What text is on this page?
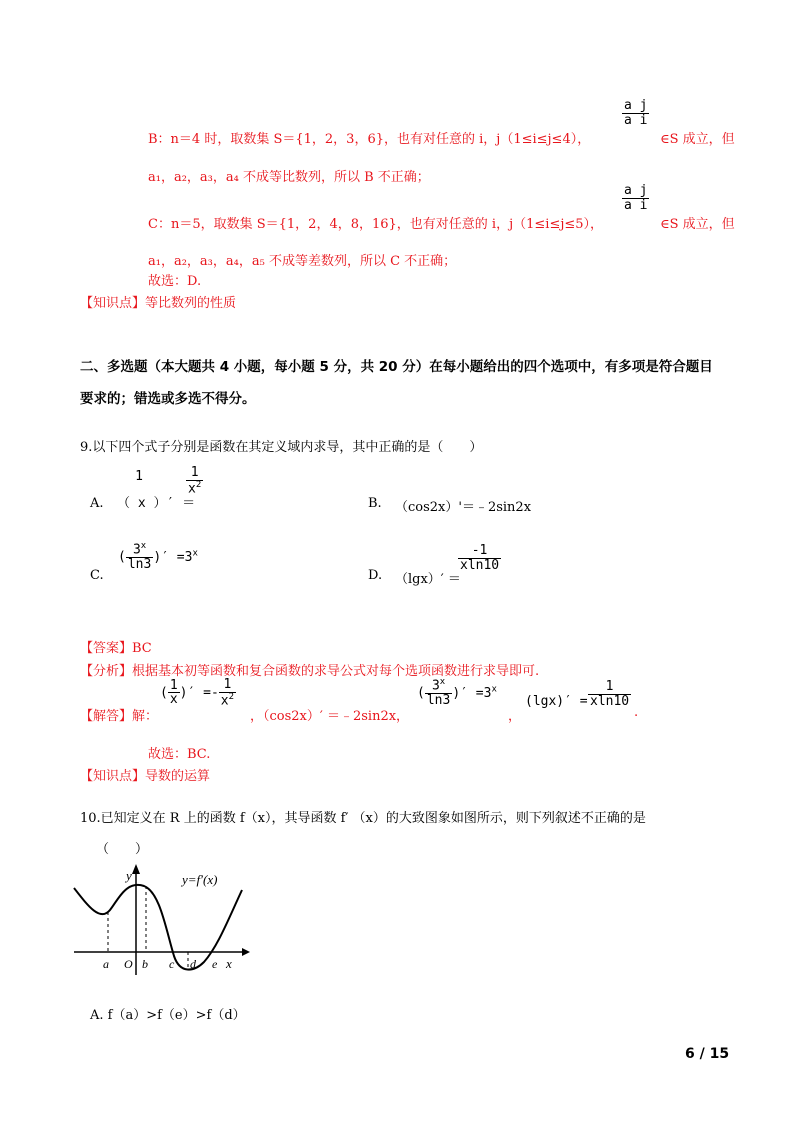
B：n＝4 时，取数集 S＝{1，2，3，6}，也有对任意的 i，j（1≤i≤j≤4），
$\frac{\text{a j}}{\text{a i}}$
∈S 成立，但
a₁，a₂，a₃，a₄ 不成等比数列，所以 B 不正确；
C：n＝5，取数集 S＝{1，2，4，8，16}，也有对任意的 i，j（1≤i≤j≤5），
$\frac{\text{a j}}{\text{a i}}$
∈S 成立，但
a₁，a₂，a₃，a₄，a₅ 不成等差数列，所以 C 不正确；
故选：D.
【知识点】等比数列的性质
二、多选题（本大题共 4 小题，每小题 5 分，共 20 分）在每小题给出的四个选项中，有多项是符合题目
要求的；错选或多选不得分。
9.以下四个式子分别是函数在其定义域内求导，其中正确的是（　　）
A.
1
（ x ）′ ＝
$\frac{1}{x^2}$
B. （cos2x）'＝﹣2sin2x
C.
( $\frac{3^x}{\ln 3}$ )′ $=3^x$
D. （lgx）′ ＝
$\frac{-1}{xln10}$
【答案】BC
【分析】根据基本初等函数和复合函数的求导公式对每个选项函数进行求导即可.
【解答】解：
( $\frac{1}{x}$ )′ =- $\frac{1}{x^2}$
，（cos2x）′ ＝﹣2sin2x，
( $\frac{3^x}{\ln 3}$ )′ $=3^x$
，
$(\lg x)' = \frac{1}{xln10}$
.
故选：BC.
【知识点】导数的运算
10.已知定义在 R 上的函数 f（x），其导函数 f′ （x）的大致图象如图所示，则下列叙述不正确的是
（　　）
y	y=f′(x)
x
a O b c d e
A. f（a）>f（e）>f（d）
6 / 15
